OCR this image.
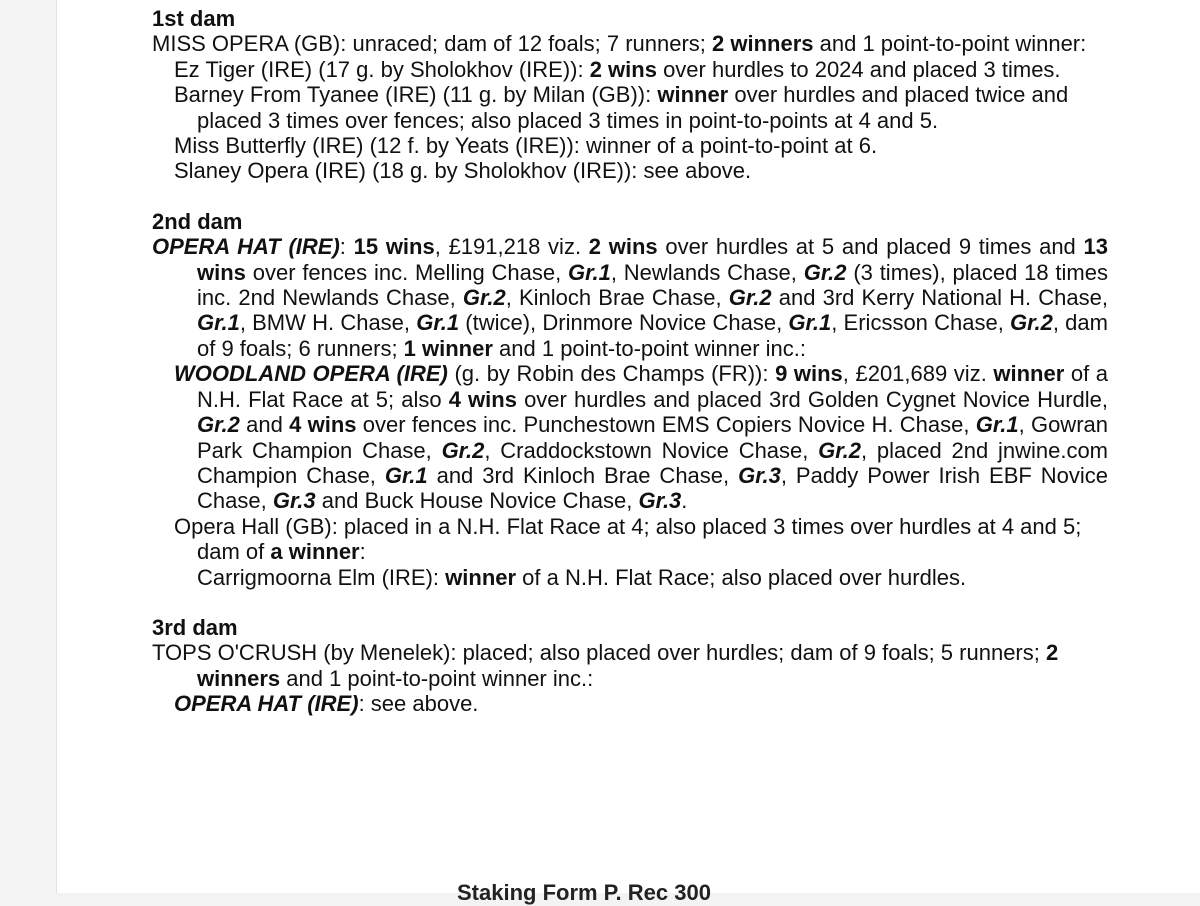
1st dam
MISS OPERA (GB): unraced; dam of 12 foals; 7 runners; 2 winners and 1 point-to-point winner:
Ez Tiger (IRE) (17 g. by Sholokhov (IRE)): 2 wins over hurdles to 2024 and placed 3 times.
Barney From Tyanee (IRE) (11 g. by Milan (GB)): winner over hurdles and placed twice and placed 3 times over fences; also placed 3 times in point-to-points at 4 and 5.
Miss Butterfly (IRE) (12 f. by Yeats (IRE)): winner of a point-to-point at 6.
Slaney Opera (IRE) (18 g. by Sholokhov (IRE)): see above.
2nd dam
OPERA HAT (IRE): 15 wins, £191,218 viz. 2 wins over hurdles at 5 and placed 9 times and 13 wins over fences inc. Melling Chase, Gr.1, Newlands Chase, Gr.2 (3 times), placed 18 times inc. 2nd Newlands Chase, Gr.2, Kinloch Brae Chase, Gr.2 and 3rd Kerry National H. Chase, Gr.1, BMW H. Chase, Gr.1 (twice), Drinmore Novice Chase, Gr.1, Ericsson Chase, Gr.2, dam of 9 foals; 6 runners; 1 winner and 1 point-to-point winner inc.:
WOODLAND OPERA (IRE) (g. by Robin des Champs (FR)): 9 wins, £201,689 viz. winner of a N.H. Flat Race at 5; also 4 wins over hurdles and placed 3rd Golden Cygnet Novice Hurdle, Gr.2 and 4 wins over fences inc. Punchestown EMS Copiers Novice H. Chase, Gr.1, Gowran Park Champion Chase, Gr.2, Craddockstown Novice Chase, Gr.2, placed 2nd jnwine.com Champion Chase, Gr.1 and 3rd Kinloch Brae Chase, Gr.3, Paddy Power Irish EBF Novice Chase, Gr.3 and Buck House Novice Chase, Gr.3.
Opera Hall (GB): placed in a N.H. Flat Race at 4; also placed 3 times over hurdles at 4 and 5; dam of a winner:
Carrigmoorna Elm (IRE): winner of a N.H. Flat Race; also placed over hurdles.
3rd dam
TOPS O'CRUSH (by Menelek): placed; also placed over hurdles; dam of 9 foals; 5 runners; 2 winners and 1 point-to-point winner inc.:
OPERA HAT (IRE): see above.
Staking Form P. Rec 300
